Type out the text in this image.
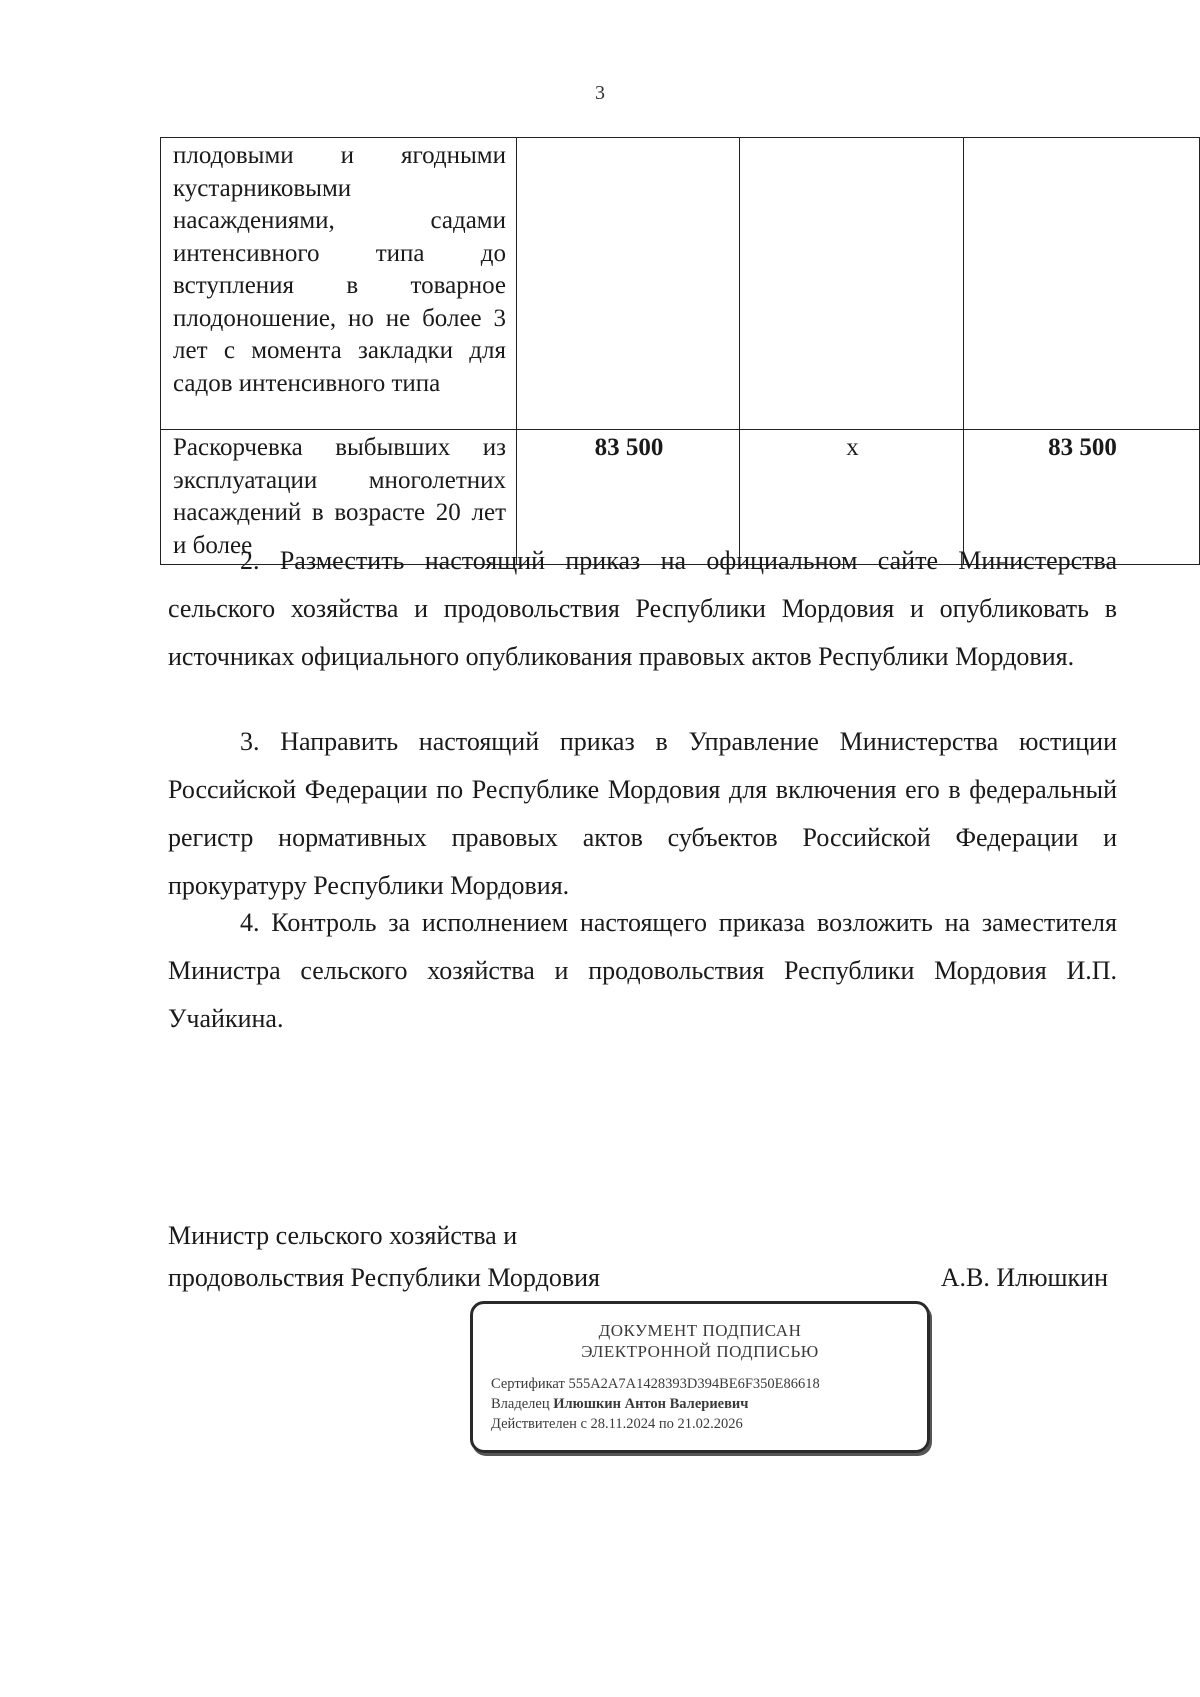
3
плодовыми и ягодными кустарниковыми насаждениями, садами интенсивного типа до вступления в товарное плодоношение, но не более 3 лет с момента закладки для садов интенсивного типа			
Раскорчевка выбывших из эксплуатации многолетних насаждений в возрасте 20 лет и более	83 500	х	83 500

2. Разместить настоящий приказ на официальном сайте Министерства сельского хозяйства и продовольствия Республики Мордовия и опубликовать в источниках официального опубликования правовых актов Республики Мордовия.

3. Направить настоящий приказ в Управление Министерства юстиции Российской Федерации по Республике Мордовия для включения его в федеральный регистр нормативных правовых актов субъектов Российской Федерации и прокуратуру Республики Мордовия.

4. Контроль за исполнением настоящего приказа возложить на заместителя Министра сельского хозяйства и продовольствия Республики Мордовия И.П. Учайкина.

Министр сельского хозяйства и
продовольствия Республики Мордовия	А.В. Илюшкин
ДОКУМЕНТ ПОДПИСАН
ЭЛЕКТРОННОЙ ПОДПИСЬЮ
Сертификат 555A2A7A1428393D394BE6F350E86618
Владелец Илюшкин Антон Валериевич
Действителен с 28.11.2024 по 21.02.2026
